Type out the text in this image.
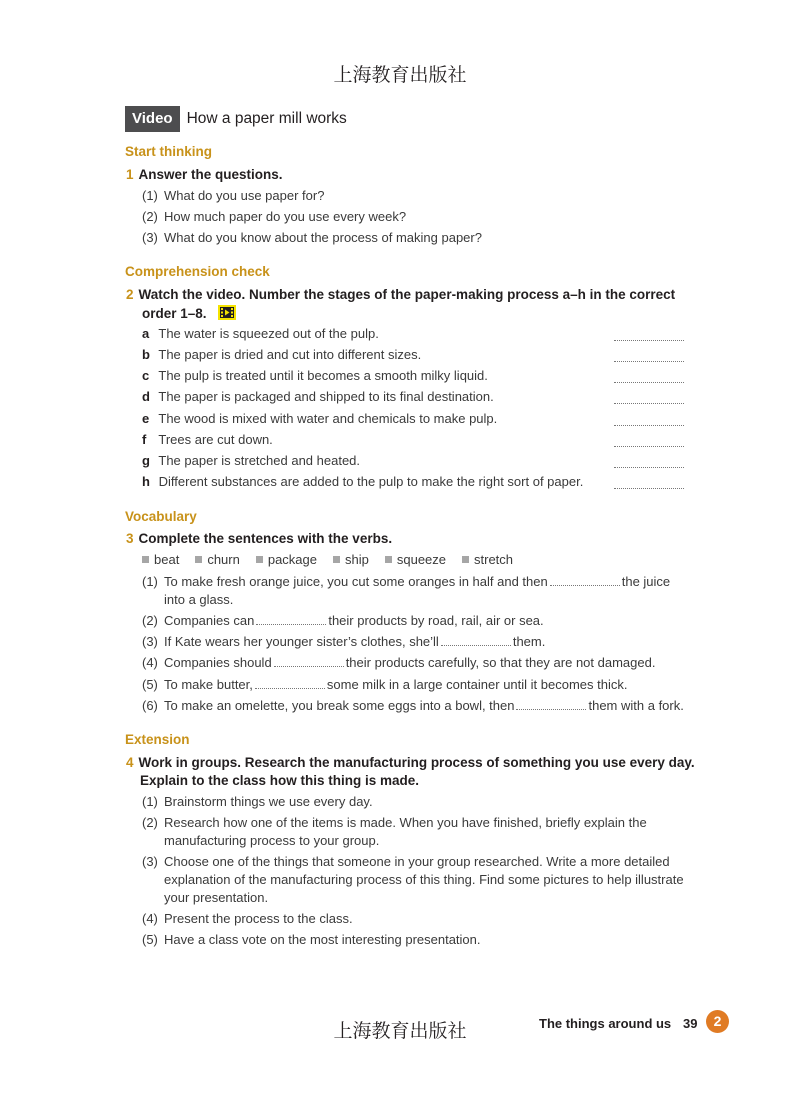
上海教育出版社
Video How a paper mill works
Start thinking
1 Answer the questions.
(1) What do you use paper for?
(2) How much paper do you use every week?
(3) What do you know about the process of making paper?
Comprehension check
2 Watch the video. Number the stages of the paper-making process a–h in the correct
order 1–8.
a The water is squeezed out of the pulp.
b The paper is dried and cut into different sizes.
c The pulp is treated until it becomes a smooth milky liquid.
d The paper is packaged and shipped to its final destination.
e The wood is mixed with water and chemicals to make pulp.
f Trees are cut down.
g The paper is stretched and heated.
h Different substances are added to the pulp to make the right sort of paper.
Vocabulary
3 Complete the sentences with the verbs.
beat churn package ship squeeze stretch
(1) To make fresh orange juice, you cut some oranges in half and then	the juice
into a glass.
(2) Companies can	their products by road, rail, air or sea.
(3) If Kate wears her younger sister’s clothes, she’ll	them.
(4) Companies should	their products carefully, so that they are not damaged.
(5) To make butter,	some milk in a large container until it becomes thick.
(6) To make an omelette, you break some eggs into a bowl, then	them with a fork.
Extension
4 Work in groups. Research the manufacturing process of something you use every day.
Explain to the class how this thing is made.
(1) Brainstorm things we use every day.
(2) Research how one of the items is made. When you have finished, briefly explain the
manufacturing process to your group.
(3) Choose one of the things that someone in your group researched. Write a more detailed
explanation of the manufacturing process of this thing. Find some pictures to help illustrate
your presentation.
(4) Present the process to the class.
(5) Have a class vote on the most interesting presentation.
上海教育出版社	The things around us 39	2
